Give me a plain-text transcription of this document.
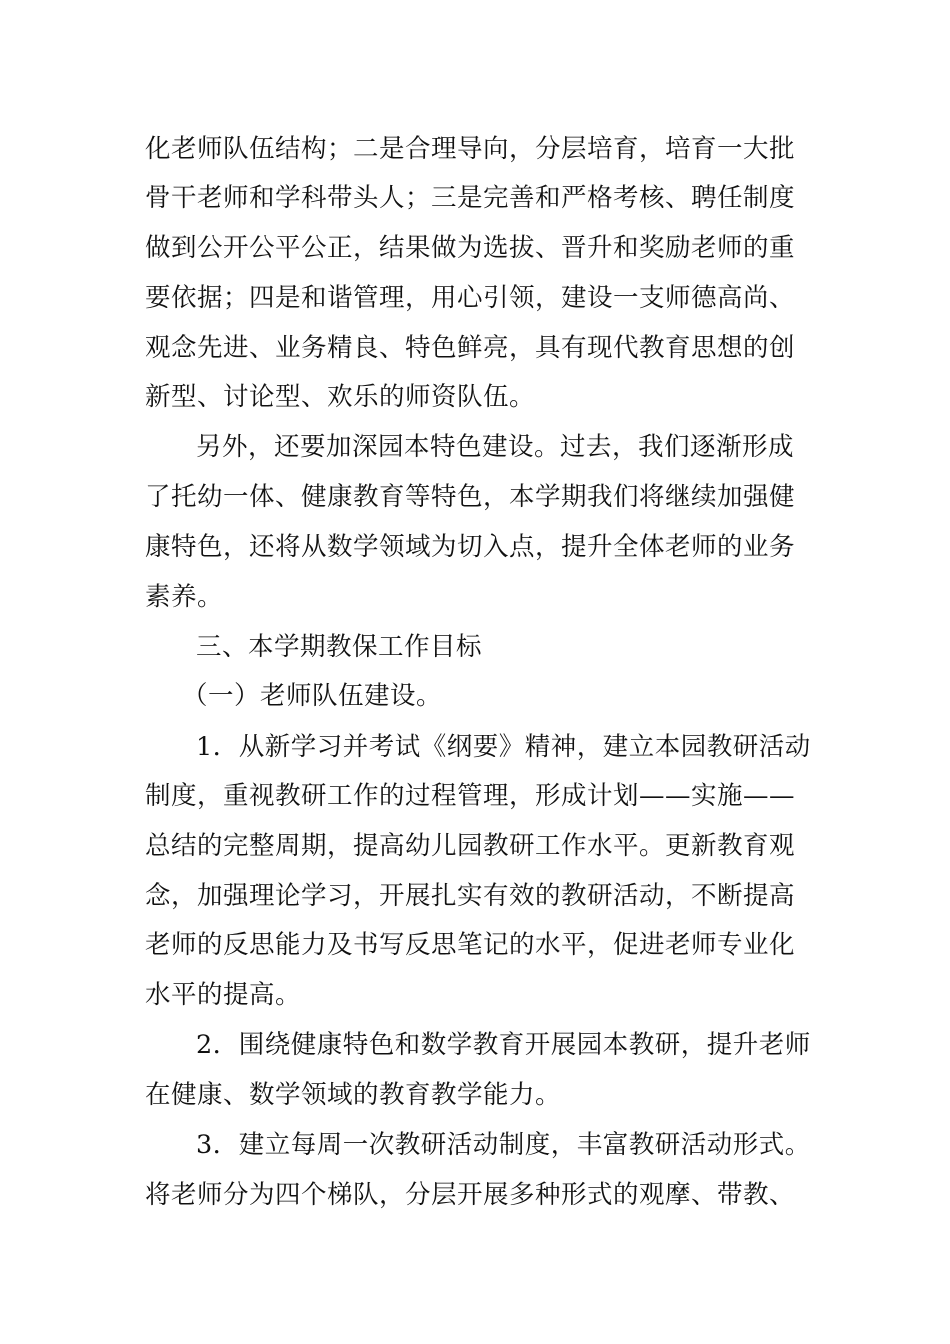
化老师队伍结构；二是合理导向，分层培育，培育一大批
骨干老师和学科带头人；三是完善和严格考核、聘任制度
做到公开公平公正，结果做为选拔、晋升和奖励老师的重
要依据；四是和谐管理，用心引领，建设一支师德高尚、
观念先进、业务精良、特色鲜亮，具有现代教育思想的创
新型、讨论型、欢乐的师资队伍。
另外，还要加深园本特色建设。过去，我们逐渐形成
了托幼一体、健康教育等特色，本学期我们将继续加强健
康特色，还将从数学领域为切入点，提升全体老师的业务
素养。
三、本学期教保工作目标
（一）老师队伍建设。
1．从新学习并考试《纲要》精神，建立本园教研活动
制度，重视教研工作的过程管理，形成计划——实施——
总结的完整周期，提高幼儿园教研工作水平。更新教育观
念，加强理论学习，开展扎实有效的教研活动，不断提高
老师的反思能力及书写反思笔记的水平，促进老师专业化
水平的提高。
2．围绕健康特色和数学教育开展园本教研，提升老师
在健康、数学领域的教育教学能力。
3．建立每周一次教研活动制度，丰富教研活动形式。
将老师分为四个梯队，分层开展多种形式的观摩、带教、
